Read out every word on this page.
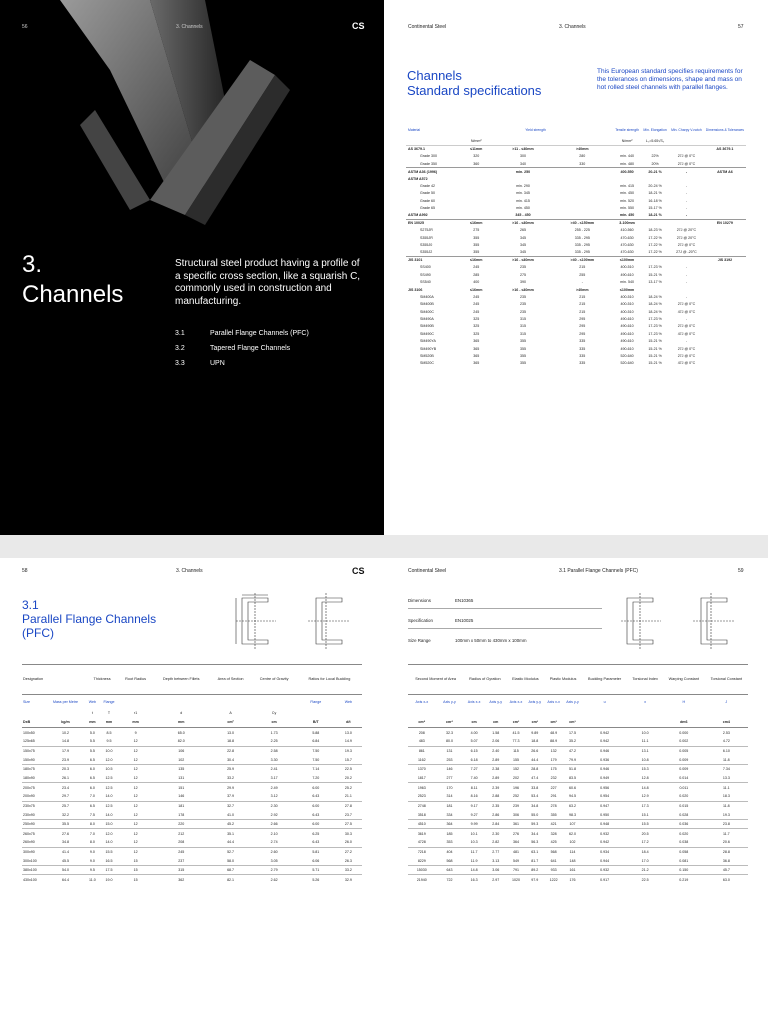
56	3. Channels	CS
3.
Channels
Structural steel product having a profile of a specific cross section, like a squarish C, commonly used in construction and manufacturing.
3.1	Parallel Flange Channels (PFC)
3.2	Tapered Flange Channels
3.3	UPN
Continental Steel	3. Channels	57
Channels
Standard specifications
This European standard specifies requirements for the tolerances on dimensions, shape and mass on hot rolled steel channels with parallel flanges.
Material	Yield strength			Tensile strength	Min. Elongation	Min. Charpy V-notch	Dimensions & Tolerances
	N/mm²			N/mm²	L₀=5.65√S₀		
AS 3679.1	≤11mm	>11 - ≤40mm	>40mm				AS 3679.1
Grade 300	320	300	280	min. 440	22%	27J @ 0°C	
Grade 350	360	340	330	min. 480	20%	27J @ 0°C	
ASTM A36 (1996)		min. 250		400-550	20-21 %	-	ASTM A6
ASTM A572							
Grade 42		min. 290		min. 415	20-24 %	-	
Grade 50		min. 345		min. 450	18-21 %	-	
Grade 60		min. 415		min. 520	16-18 %	-	
Grade 65		min. 450		min. 550	15-17 %	-	
ASTM A992		345 - 450		min. 450	18-21 %	-	
EN 10025	≤16mm	>16 - ≤40mm	>40 - ≤150mm	3-100mm			EN 10279
S275JR	275	265	255 - 225	410-560	18-23 %	27J @ 20°C	
S355JR	355	345	335 - 295	470-630	17-22 %	27J @ 20°C	
S355J0	355	345	335 - 295	470-630	17-22 %	27J @ 0°C	
S355J2	355	345	335 - 295	470-630	17-22 %	27J @ -20°C	
JIS 3101	≤16mm	>16 - ≤40mm	>40 - ≤100mm	≤100mm			JIS 3192
SS400	245	235	215	400-510	17-23 %	-	
SS490	285	275	255	490-610	15-21 %	-	
SS540	400	390	-	min. 540	13-17 %	-	
JIS 3106	≤16mm	>16 - ≤40mm	>40mm	≤100mm			
SM400A	245	235	215	400-510	18-24 %	-	
SM400B	245	235	215	400-510	18-24 %	27J @ 0°C	
SM400C	245	235	215	400-510	18-24 %	47J @ 0°C	
SM490A	325	315	295	490-610	17-23 %	-	
SM490B	325	315	295	490-610	17-23 %	27J @ 0°C	
SM490C	325	315	295	490-610	17-23 %	47J @ 0°C	
SM490YA	365	355	335	490-610	15-21 %	-	
SM490YB	365	355	335	490-610	15-21 %	27J @ 0°C	
SM520B	365	355	335	520-640	15-21 %	27J @ 0°C	
SM520C	365	355	335	520-640	15-21 %	47J @ 0°C	
58	3. Channels	CS
3.1
Parallel Flange Channels
(PFC)
Designation		Thickness		Root Radius	Depth between Fillets	Area of Section	Centre of Gravity	Ratios for Local Buckling	
Size	Mass per Metre	Web	Flange					Flange	Web
		t	T	r1	d	A	Cy		
DxB	kg/m	mm	mm	mm	mm	cm²	cm	B/T	d/t
100x50	10.2	5.0	8.5	9	65.0	13.0	1.73	5.88	13.0
125x65	14.8	5.5	9.5	12	82.0	18.8	2.25	6.84	14.9
150x75	17.9	5.5	10.0	12	106	22.8	2.58	7.50	19.3
150x90	23.9	6.5	12.0	12	102	30.4	3.30	7.50	15.7
180x75	20.3	6.0	10.5	12	135	25.9	2.41	7.14	22.5
180x90	26.1	6.5	12.5	12	131	33.2	3.17	7.20	20.2
200x75	23.4	6.0	12.5	12	151	29.9	2.49	6.00	25.2
200x90	29.7	7.0	14.0	12	146	37.9	3.12	6.43	21.1
230x75	25.7	6.5	12.5	12	181	32.7	2.30	6.00	27.8
230x90	32.2	7.5	14.0	12	178	41.0	2.92	6.43	23.7
250x90	35.5	8.0	15.0	12	220	45.2	2.66	6.00	27.5
260x75	27.6	7.0	12.0	12	212	35.1	2.10	6.25	30.3
260x90	34.8	8.0	14.0	12	208	44.4	2.74	6.43	26.0
300x90	41.4	9.0	15.5	12	245	52.7	2.60	5.81	27.2
300x100	45.5	9.0	16.5	15	237	58.0	3.05	6.06	26.3
380x100	54.0	9.5	17.5	15	315	68.7	2.79	5.71	33.2
430x100	64.4	11.0	19.0	15	362	82.1	2.62	5.26	32.9
Continental Steel	3.1 Parallel Flange Channels (PFC)	59
Dimensions	EN10365
Specification	EN10025
Size Range	100mm x 50mm to 430mm x 100mm
Second Moment of Area		Radius of Gyration		Elastic Modulus		Plastic Modulus		Buckling Parameter	Torsional Index	Warping Constant	Torsional Constant
Axis x-x	Axis y-y	Axis x-x	Axis y-y	Axis x-x	Axis y-y	Axis x-x	Axis y-y	u	x	H	J

cm⁴	cm⁴	cm	cm	cm³	cm³	cm³	cm³			dm6	cm4
208	32.3	4.00	1.58	41.5	9.89	48.9	17.5	0.942	10.0	0.000	2.53
483	80.0	5.07	2.06	77.3	18.8	88.9	35.2	0.942	11.1	0.002	4.72
861	131	6.15	2.40	115	26.6	132	47.2	0.946	13.1	0.005	6.10
1162	253	6.18	2.89	155	44.4	179	79.9	0.936	10.8	0.009	11.8
1370	146	7.27	2.38	152	28.8	175	51.8	0.946	15.3	0.009	7.34
1817	277	7.40	2.89	202	47.4	232	83.5	0.949	12.8	0.014	13.3
1963	170	8.11	2.39	196	33.8	227	60.6	0.956	14.8	0.011	11.1
2523	314	8.16	2.88	252	53.4	291	94.5	0.954	12.9	0.020	18.3
2748	181	9.17	2.35	239	34.8	278	63.2	0.947	17.3	0.015	11.8
3518	334	9.27	2.86	306	55.0	355	98.3	0.950	15.1	0.028	19.3
4510	364	9.99	2.84	361	59.3	421	107	0.948	15.5	0.036	23.8
3619	185	10.1	2.30	276	34.4	328	62.0	0.932	20.5	0.020	11.7
4728	353	10.3	2.82	364	56.3	425	102	0.942	17.2	0.038	20.6
7218	404	11.7	2.77	481	63.1	568	114	0.934	18.4	0.058	28.8
8229	568	11.9	3.13	549	81.7	641	148	0.944	17.0	0.081	36.8
15030	643	14.8	3.06	791	89.2	933	161	0.932	21.2	0.150	45.7
21940	722	16.3	2.97	1020	97.9	1222	176	0.917	22.5	0.219	63.0
